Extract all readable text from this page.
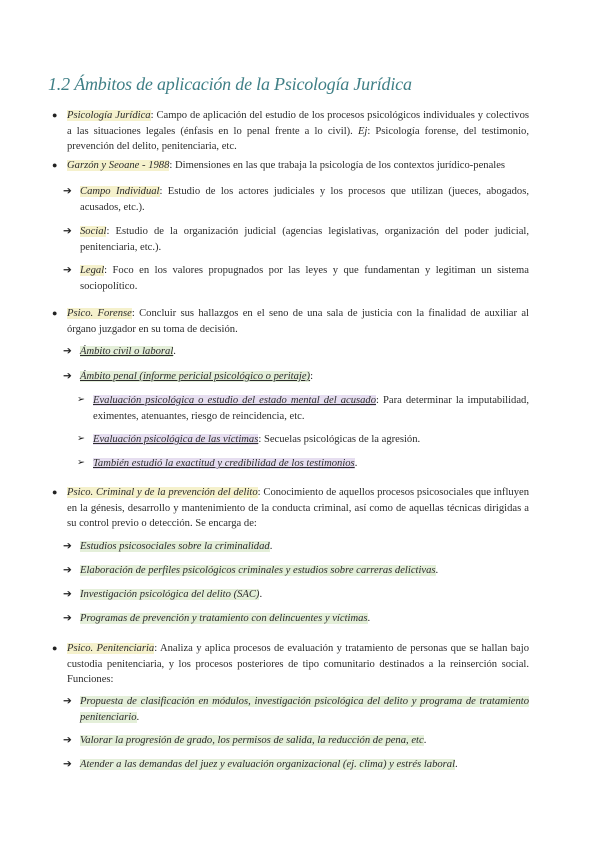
1.2 Ámbitos de aplicación de la Psicología Jurídica
● Psicología Jurídica: Campo de aplicación del estudio de los procesos psicológicos individuales y colectivos a las situaciones legales (énfasis en lo penal frente a lo civil). Ej: Psicología forense, del testimonio, prevención del delito, penitenciaria, etc.
● Garzón y Seoane - 1988: Dimensiones en las que trabaja la psicología de los contextos jurídico-penales
➔ Campo Individual: Estudio de los actores judiciales y los procesos que utilizan (jueces, abogados, acusados, etc.).
➔ Social: Estudio de la organización judicial (agencias legislativas, organización del poder judicial, penitenciaria, etc.).
➔ Legal: Foco en los valores propugnados por las leyes y que fundamentan y legitiman un sistema sociopolítico.
● Psico. Forense: Concluir sus hallazgos en el seno de una sala de justicia con la finalidad de auxiliar al órgano juzgador en su toma de decisión.
➔ Ámbito civil o laboral.
➔ Ámbito penal (informe pericial psicológico o peritaje):
➢ Evaluación psicológica o estudio del estado mental del acusado: Para determinar la imputabilidad, eximentes, atenuantes, riesgo de reincidencia, etc.
➢ Evaluación psicológica de las víctimas: Secuelas psicológicas de la agresión.
➢ También estudió la exactitud y credibilidad de los testimonios.
● Psico. Criminal y de la prevención del delito: Conocimiento de aquellos procesos psicosociales que influyen en la génesis, desarrollo y mantenimiento de la conducta criminal, así como de aquellas técnicas dirigidas a su control previo o detección. Se encarga de:
➔ Estudios psicosociales sobre la criminalidad.
➔ Elaboración de perfiles psicológicos criminales y estudios sobre carreras delictivas.
➔ Investigación psicológica del delito (SAC).
➔ Programas de prevención y tratamiento con delincuentes y víctimas.
● Psico. Penitenciaria: Analiza y aplica procesos de evaluación y tratamiento de personas que se hallan bajo custodia penitenciaria, y los procesos posteriores de tipo comunitario destinados a la reinserción social. Funciones:
➔ Propuesta de clasificación en módulos, investigación psicológica del delito y programa de tratamiento penitenciario.
➔ Valorar la progresión de grado, los permisos de salida, la reducción de pena, etc.
➔ Atender a las demandas del juez y evaluación organizacional (ej. clima) y estrés laboral.
